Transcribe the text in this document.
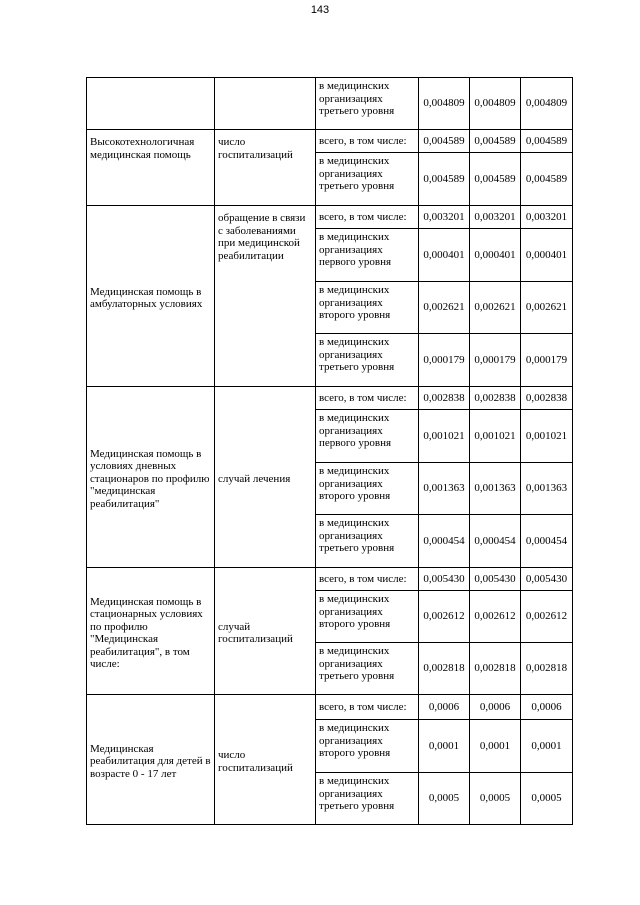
143
		в медицинских организациях третьего уровня	0,004809	0,004809	0,004809
Высокотехнологичная медицинская помощь	число госпитализаций	всего, в том числе:	0,004589	0,004589	0,004589
		в медицинских организациях третьего уровня	0,004589	0,004589	0,004589
Медицинская помощь в амбулаторных условиях	обращение в связи с заболеваниями при медицинской реабилитации	всего, в том числе:	0,003201	0,003201	0,003201
		в медицинских организациях первого уровня	0,000401	0,000401	0,000401
		в медицинских организациях второго уровня	0,002621	0,002621	0,002621
		в медицинских организациях третьего уровня	0,000179	0,000179	0,000179
Медицинская помощь в условиях дневных стационаров по профилю "медицинская реабилитация"	случай лечения	всего, в том числе:	0,002838	0,002838	0,002838
		в медицинских организациях первого уровня	0,001021	0,001021	0,001021
		в медицинских организациях второго уровня	0,001363	0,001363	0,001363
		в медицинских организациях третьего уровня	0,000454	0,000454	0,000454
Медицинская помощь в стационарных условиях по профилю "Медицинская реабилитация", в том числе:	случай госпитализаций	всего, в том числе:	0,005430	0,005430	0,005430
		в медицинских организациях второго уровня	0,002612	0,002612	0,002612
		в медицинских организациях третьего уровня	0,002818	0,002818	0,002818
Медицинская реабилитация для детей в возрасте 0 - 17 лет	число госпитализаций	всего, в том числе:	0,0006	0,0006	0,0006
		в медицинских организациях второго уровня	0,0001	0,0001	0,0001
		в медицинских организациях третьего уровня	0,0005	0,0005	0,0005
